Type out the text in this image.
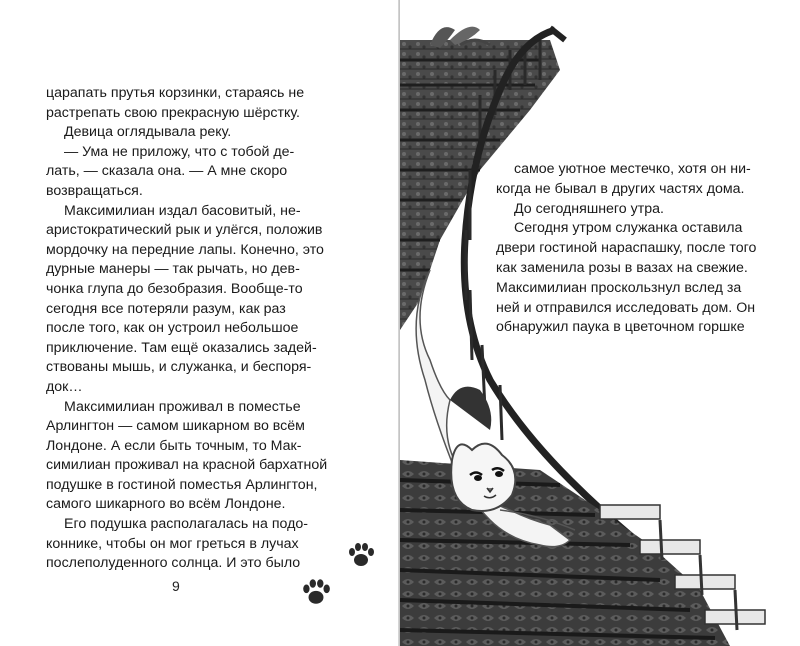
царапать прутья корзинки, стараясь не
растрепать свою прекрасную шёрстку.

Девица оглядывала реку.

— Ума не приложу, что с тобой де-
лать, — сказала она. — А мне скоро
возвращаться.

Максимилиан издал басовитый, не-
аристократический рык и улёгся, положив
мордочку на передние лапы. Конечно, это
дурные манеры — так рычать, но дев-
чонка глупа до безобразия. Вообще-то
сегодня все потеряли разум, как раз
после того, как он устроил небольшое
приключение. Там ещё оказались задей-
ствованы мышь, и служанка, и беспоря-
док…

Максимилиан проживал в поместье
Арлингтон — самом шикарном во всём
Лондоне. А если быть точным, то Мак-
симилиан проживал на красной бархатной
подушке в гостиной поместья Арлингтон,
самого шикарного во всём Лондоне.

Его подушка располагалась на подо-
коннике, чтобы он мог греться в лучах
послеполуденного солнца. И это было

9

самое уютное местечко, хотя он ни-
когда не бывал в других частях дома.

До сегодняшнего утра.

Сегодня утром служанка оставила
двери гостиной нараспашку, после того
как заменила розы в вазах на свежие.
Максимилиан проскользнул вслед за
ней и отправился исследовать дом. Он
обнаружил паука в цветочном горшке
